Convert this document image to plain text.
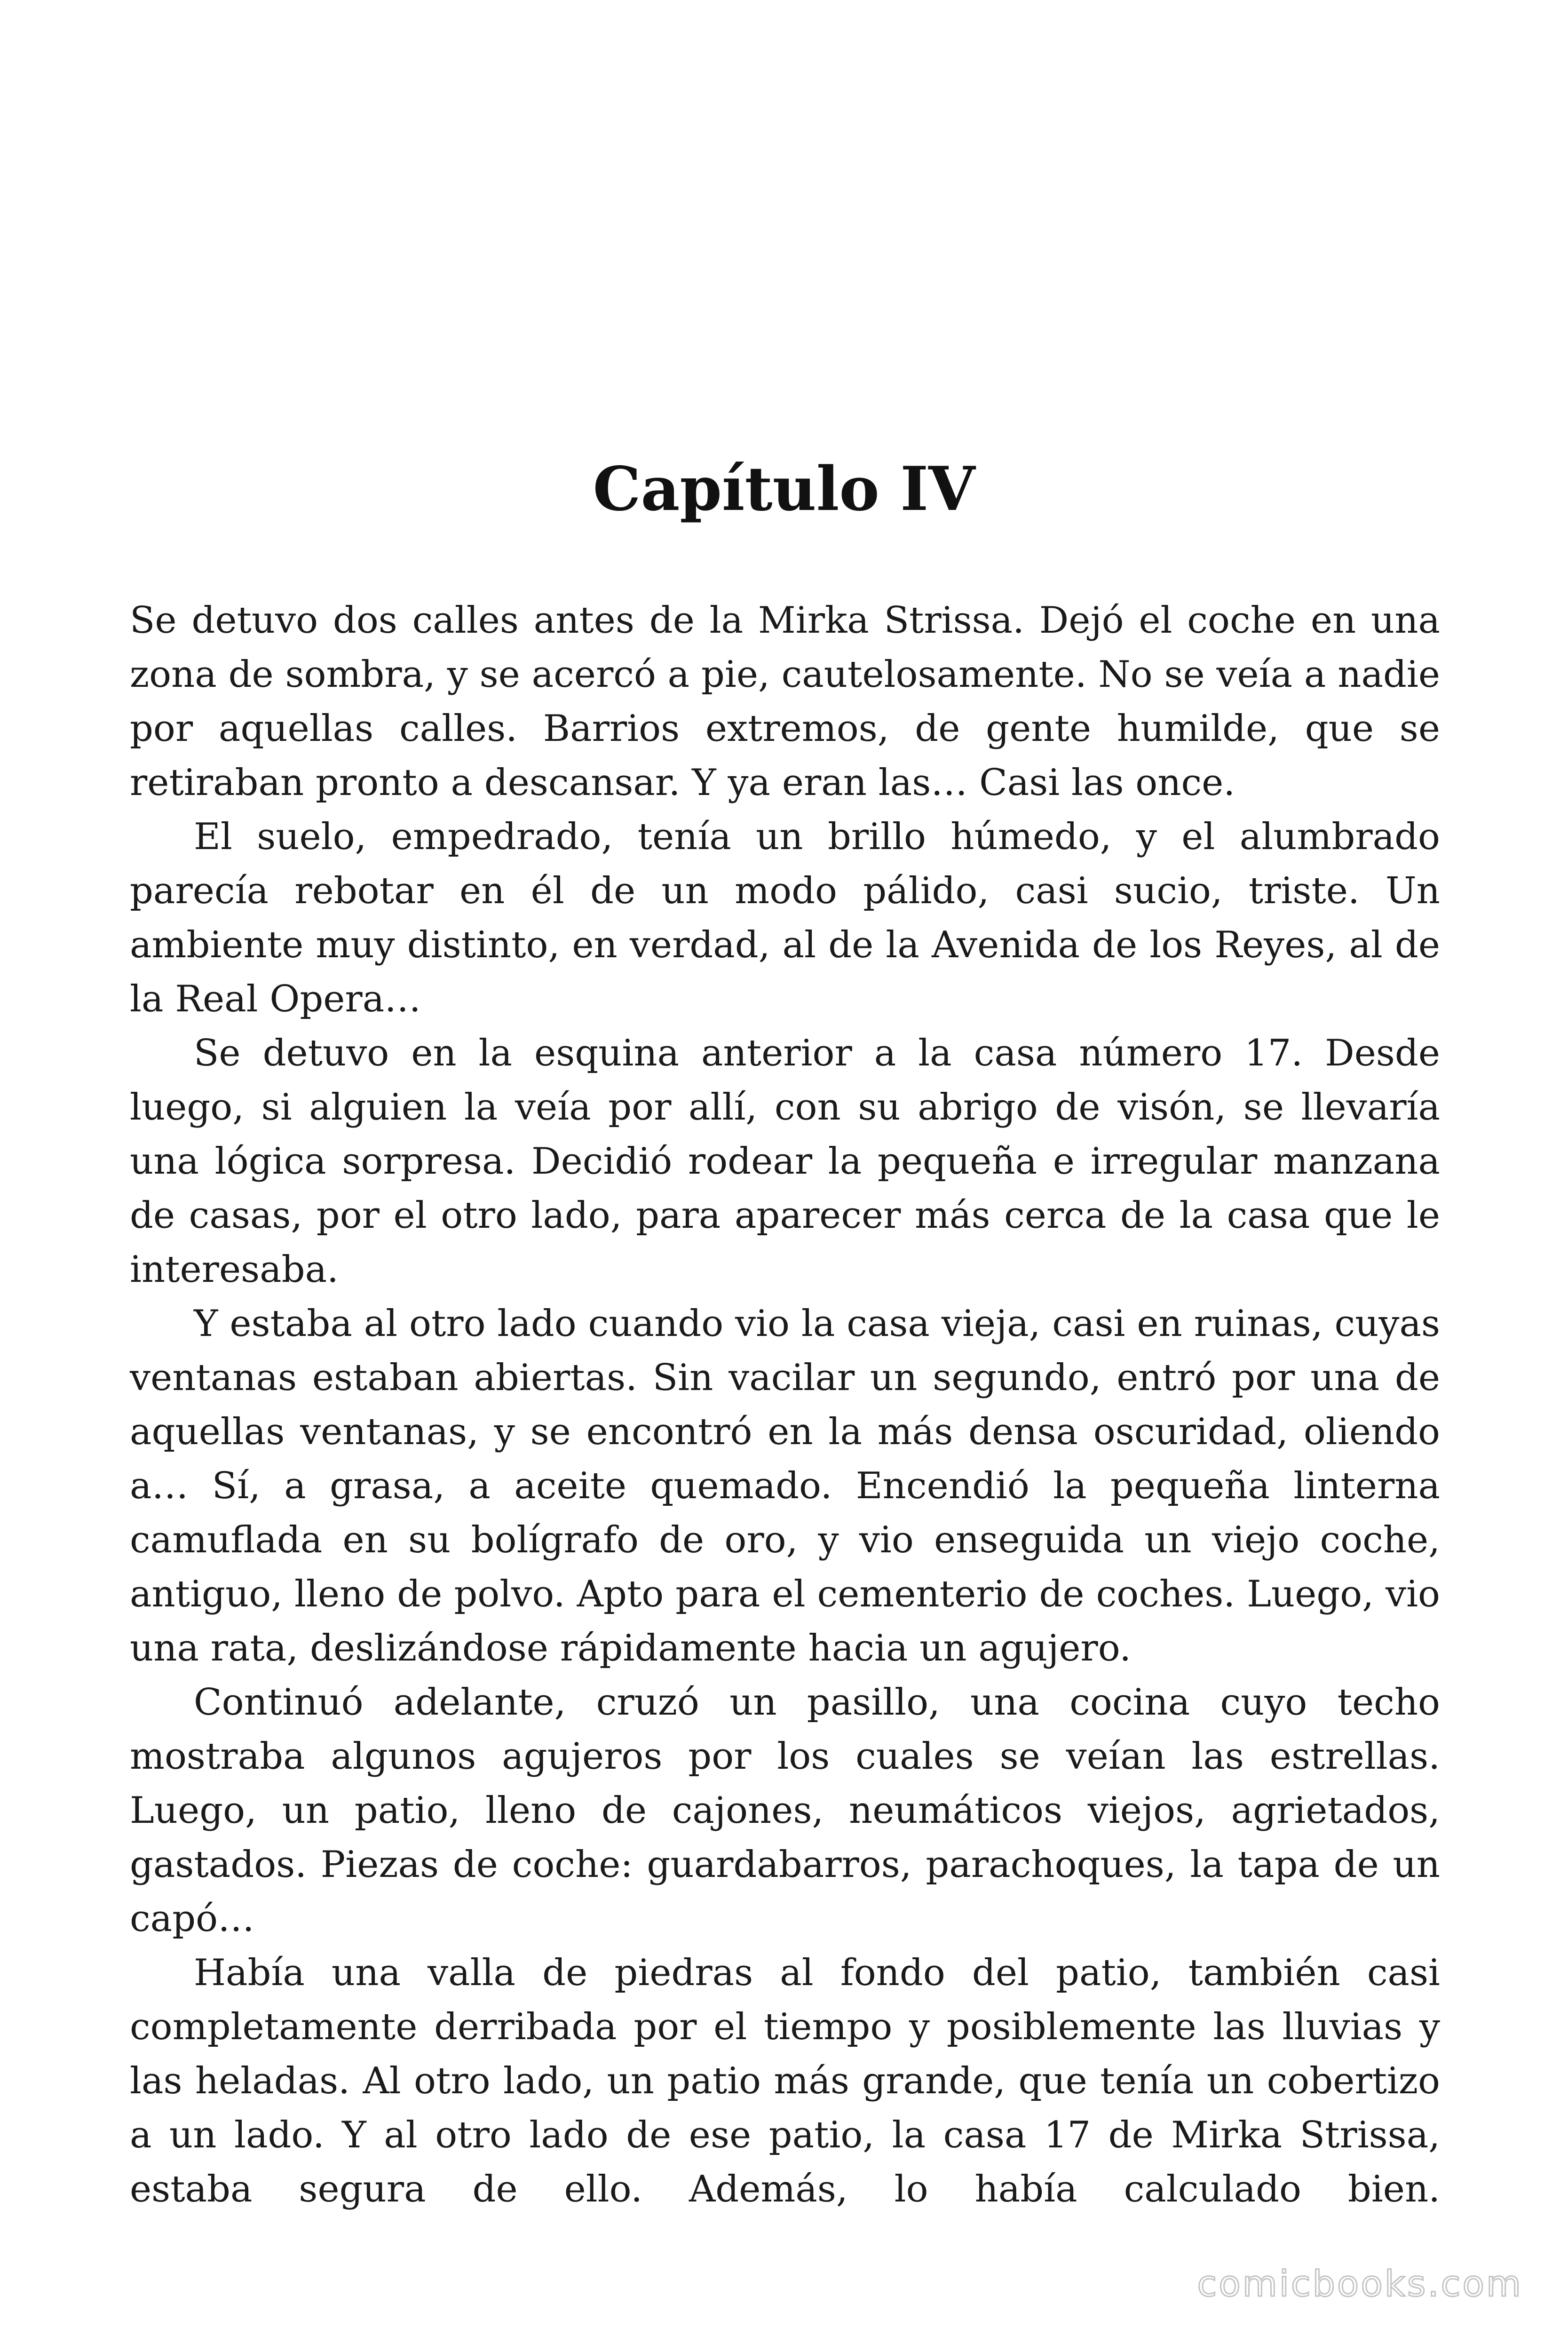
Capítulo IV

Se detuvo dos calles antes de la Mirka Strissa. Dejó el coche en una zona de sombra, y se acercó a pie, cautelosamente. No se veía a nadie por aquellas calles. Barrios extremos, de gente humilde, que se retiraban pronto a descansar. Y ya eran las… Casi las once.

El suelo, empedrado, tenía un brillo húmedo, y el alumbrado parecía rebotar en él de un modo pálido, casi sucio, triste. Un ambiente muy distinto, en verdad, al de la Avenida de los Reyes, al de la Real Opera…

Se detuvo en la esquina anterior a la casa número 17. Desde luego, si alguien la veía por allí, con su abrigo de visón, se llevaría una lógica sorpresa. Decidió rodear la pequeña e irregular manzana de casas, por el otro lado, para aparecer más cerca de la casa que le interesaba.

Y estaba al otro lado cuando vio la casa vieja, casi en ruinas, cuyas ventanas estaban abiertas. Sin vacilar un segundo, entró por una de aquellas ventanas, y se encontró en la más densa oscuridad, oliendo a… Sí, a grasa, a aceite quemado. Encendió la pequeña linterna camuflada en su bolígrafo de oro, y vio enseguida un viejo coche, antiguo, lleno de polvo. Apto para el cementerio de coches. Luego, vio una rata, deslizándose rápidamente hacia un agujero.

Continuó adelante, cruzó un pasillo, una cocina cuyo techo mostraba algunos agujeros por los cuales se veían las estrellas. Luego, un patio, lleno de cajones, neumáticos viejos, agrietados, gastados. Piezas de coche: guardabarros, parachoques, la tapa de un capó…

Había una valla de piedras al fondo del patio, también casi completamente derribada por el tiempo y posiblemente las lluvias y las heladas. Al otro lado, un patio más grande, que tenía un cobertizo a un lado. Y al otro lado de ese patio, la casa 17 de Mirka Strissa, estaba segura de ello. Además, lo había calculado bien.

comicbooks.com
